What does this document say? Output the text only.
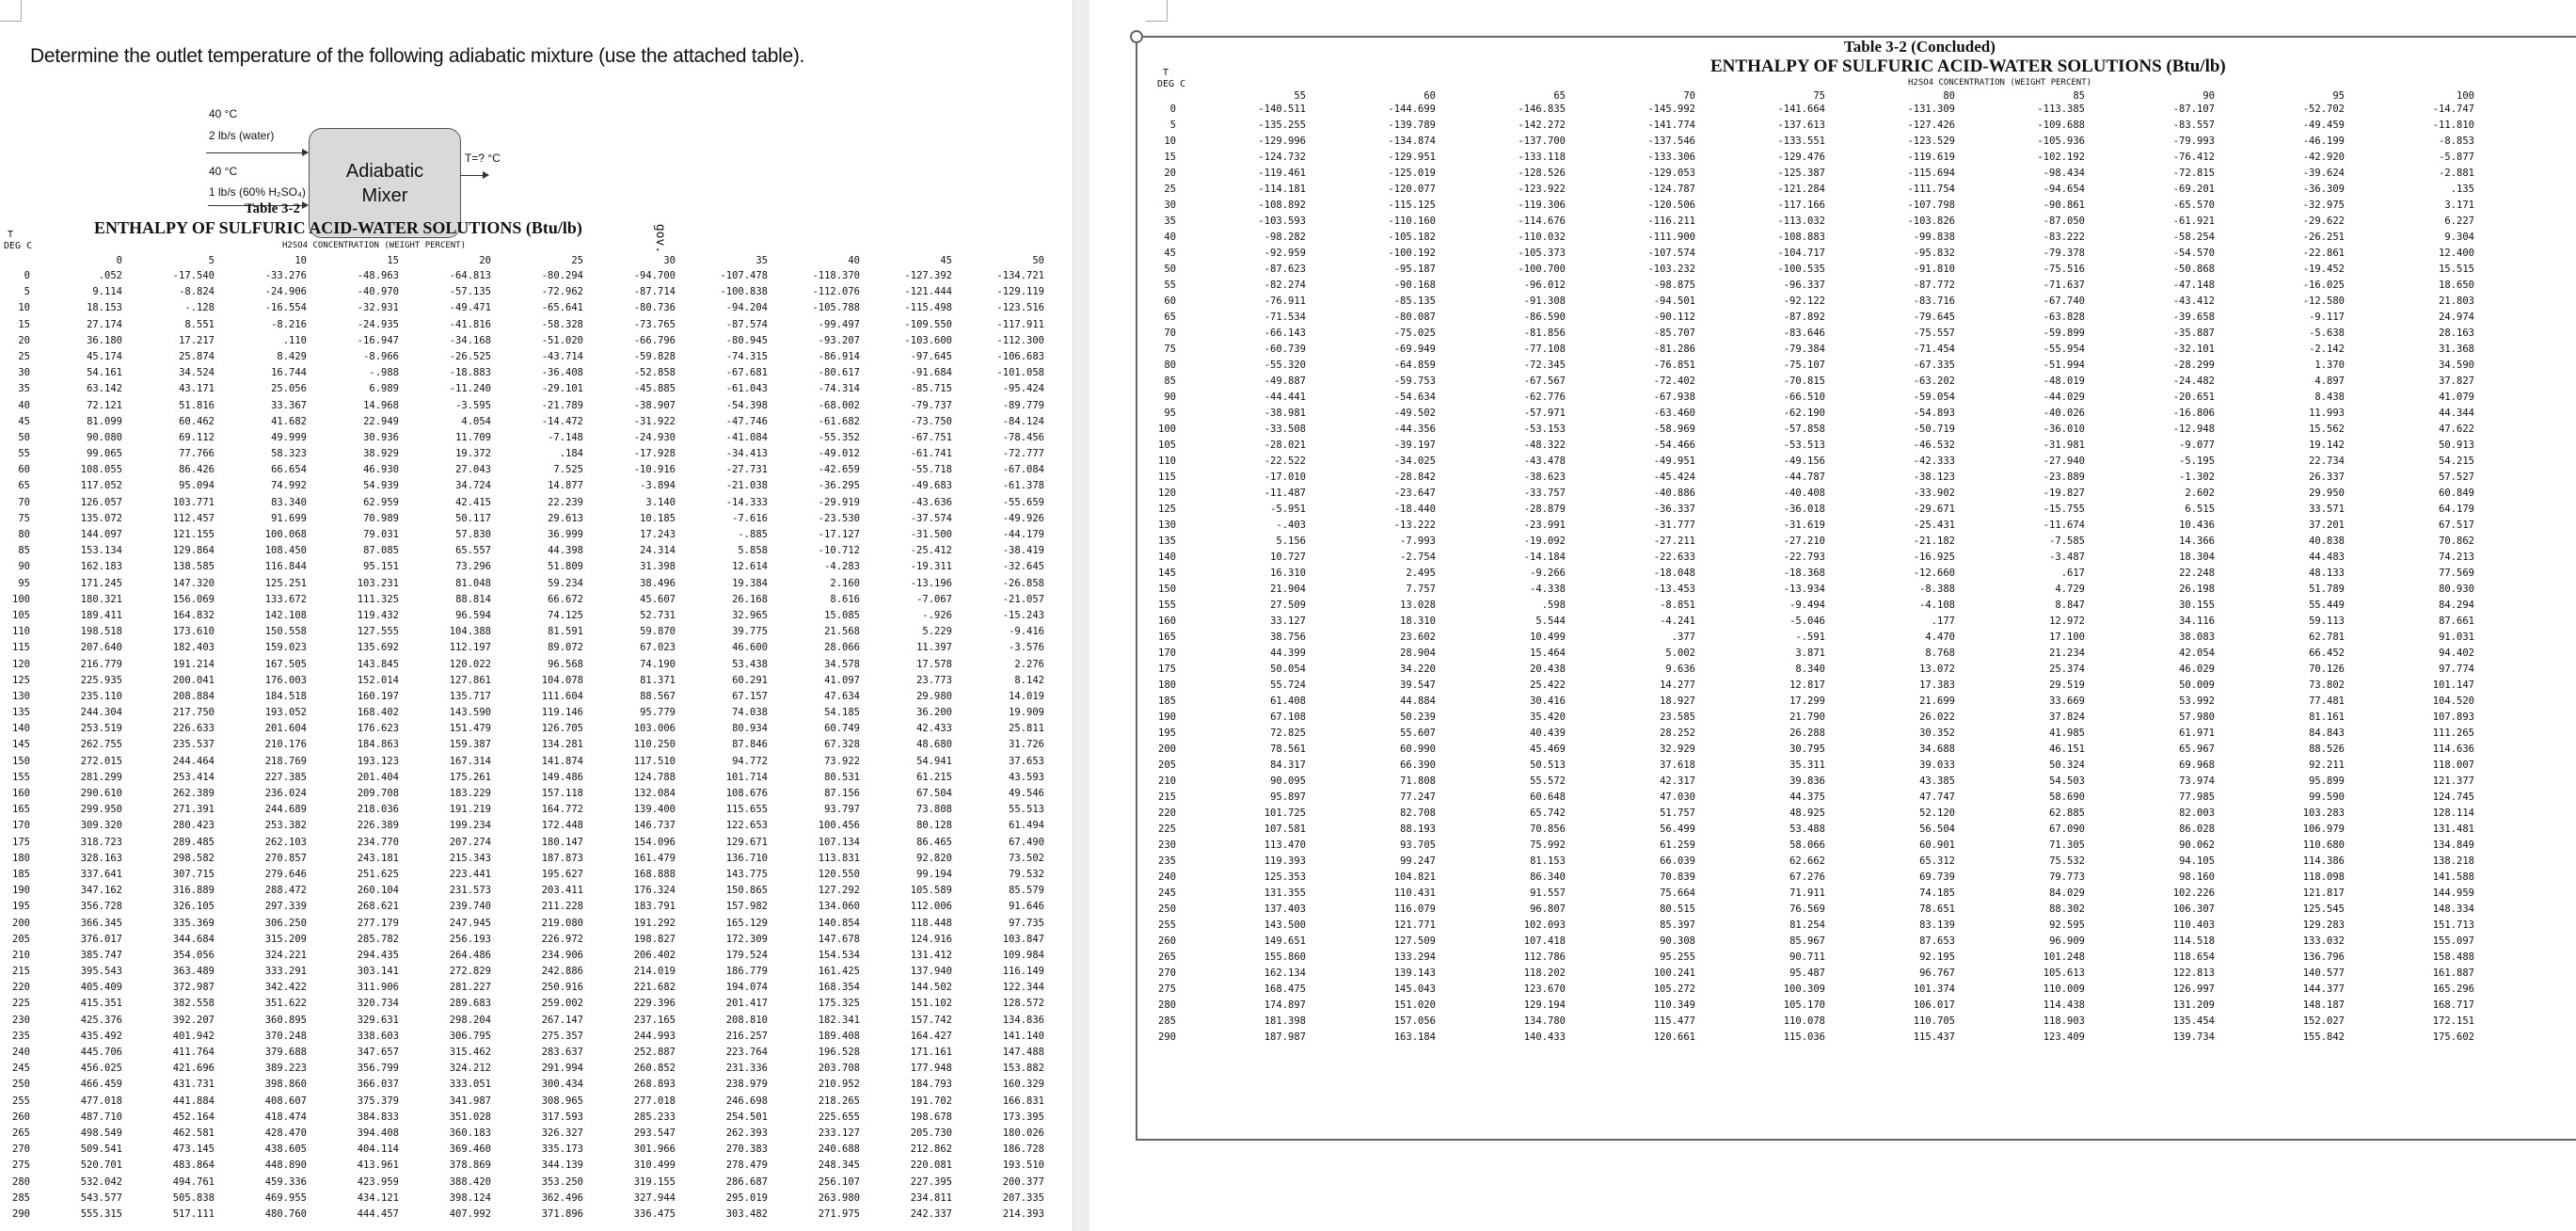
Determine the outlet temperature of the following adiabatic mixture (use the attached table).
40 °C
2 lb/s (water)
40 °C
1 lb/s (60% H₂SO₄)
Adiabatic
Mixer
T=? °C
Table 3-2
ENTHALPY OF SULFURIC ACID-WATER SOLUTIONS (Btu/lb)
H2SO4 CONCENTRATION (WEIGHT PERCENT)
T
DEG C	gov.
0	5	10	15	20	25	30	35	40	45	50
0	.052	-17.540	-33.276	-48.963	-64.813	-80.294	-94.700	-107.478	-118.370	-127.392	-134.721
5	9.114	-8.824	-24.906	-40.970	-57.135	-72.962	-87.714	-100.838	-112.076	-121.444	-129.119
10	18.153	-.128	-16.554	-32.931	-49.471	-65.641	-80.736	-94.204	-105.788	-115.498	-123.516
15	27.174	8.551	-8.216	-24.935	-41.816	-58.328	-73.765	-87.574	-99.497	-109.550	-117.911
20	36.180	17.217	.110	-16.947	-34.168	-51.020	-66.796	-80.945	-93.207	-103.600	-112.300
25	45.174	25.874	8.429	-8.966	-26.525	-43.714	-59.828	-74.315	-86.914	-97.645	-106.683
30	54.161	34.524	16.744	-.988	-18.883	-36.408	-52.858	-67.681	-80.617	-91.684	-101.058
35	63.142	43.171	25.056	6.989	-11.240	-29.101	-45.885	-61.043	-74.314	-85.715	-95.424
40	72.121	51.816	33.367	14.968	-3.595	-21.789	-38.907	-54.398	-68.002	-79.737	-89.779
45	81.099	60.462	41.682	22.949	4.054	-14.472	-31.922	-47.746	-61.682	-73.750	-84.124
50	90.080	69.112	49.999	30.936	11.709	-7.148	-24.930	-41.084	-55.352	-67.751	-78.456
55	99.065	77.766	58.323	38.929	19.372	.184	-17.928	-34.413	-49.012	-61.741	-72.777
60	108.055	86.426	66.654	46.930	27.043	7.525	-10.916	-27.731	-42.659	-55.718	-67.084
65	117.052	95.094	74.992	54.939	34.724	14.877	-3.894	-21.038	-36.295	-49.683	-61.378
70	126.057	103.771	83.340	62.959	42.415	22.239	3.140	-14.333	-29.919	-43.636	-55.659
75	135.072	112.457	91.699	70.989	50.117	29.613	10.185	-7.616	-23.530	-37.574	-49.926
80	144.097	121.155	100.068	79.031	57.830	36.999	17.243	-.885	-17.127	-31.500	-44.179
85	153.134	129.864	108.450	87.085	65.557	44.398	24.314	5.858	-10.712	-25.412	-38.419
90	162.183	138.585	116.844	95.151	73.296	51.809	31.398	12.614	-4.283	-19.311	-32.645
95	171.245	147.320	125.251	103.231	81.048	59.234	38.496	19.384	2.160	-13.196	-26.858
100	180.321	156.069	133.672	111.325	88.814	66.672	45.607	26.168	8.616	-7.067	-21.057
105	189.411	164.832	142.108	119.432	96.594	74.125	52.731	32.965	15.085	-.926	-15.243
110	198.518	173.610	150.558	127.555	104.388	81.591	59.870	39.775	21.568	5.229	-9.416
115	207.640	182.403	159.023	135.692	112.197	89.072	67.023	46.600	28.066	11.397	-3.576
120	216.779	191.214	167.505	143.845	120.022	96.568	74.190	53.438	34.578	17.578	2.276
125	225.935	200.041	176.003	152.014	127.861	104.078	81.371	60.291	41.097	23.773	8.142
130	235.110	208.884	184.518	160.197	135.717	111.604	88.567	67.157	47.634	29.980	14.019
135	244.304	217.750	193.052	168.402	143.590	119.146	95.779	74.038	54.185	36.200	19.909
140	253.519	226.633	201.604	176.623	151.479	126.705	103.006	80.934	60.749	42.433	25.811
145	262.755	235.537	210.176	184.863	159.387	134.281	110.250	87.846	67.328	48.680	31.726
150	272.015	244.464	218.769	193.123	167.314	141.874	117.510	94.772	73.922	54.941	37.653
155	281.299	253.414	227.385	201.404	175.261	149.486	124.788	101.714	80.531	61.215	43.593
160	290.610	262.389	236.024	209.708	183.229	157.118	132.084	108.676	87.156	67.504	49.546
165	299.950	271.391	244.689	218.036	191.219	164.772	139.400	115.655	93.797	73.808	55.513
170	309.320	280.423	253.382	226.389	199.234	172.448	146.737	122.653	100.456	80.128	61.494
175	318.723	289.485	262.103	234.770	207.274	180.147	154.096	129.671	107.134	86.465	67.490
180	328.163	298.582	270.857	243.181	215.343	187.873	161.479	136.710	113.831	92.820	73.502
185	337.641	307.715	279.646	251.625	223.441	195.627	168.888	143.775	120.550	99.194	79.532
190	347.162	316.889	288.472	260.104	231.573	203.411	176.324	150.865	127.292	105.589	85.579
195	356.728	326.105	297.339	268.621	239.740	211.228	183.791	157.982	134.060	112.006	91.646
200	366.345	335.369	306.250	277.179	247.945	219.080	191.292	165.129	140.854	118.448	97.735
205	376.017	344.684	315.209	285.782	256.193	226.972	198.827	172.309	147.678	124.916	103.847
210	385.747	354.056	324.221	294.435	264.486	234.906	206.402	179.524	154.534	131.412	109.984
215	395.543	363.489	333.291	303.141	272.829	242.886	214.019	186.779	161.425	137.940	116.149
220	405.409	372.987	342.422	311.906	281.227	250.916	221.682	194.074	168.354	144.502	122.344
225	415.351	382.558	351.622	320.734	289.683	259.002	229.396	201.417	175.325	151.102	128.572
230	425.376	392.207	360.895	329.631	298.204	267.147	237.165	208.810	182.341	157.742	134.836
235	435.492	401.942	370.248	338.603	306.795	275.357	244.993	216.257	189.408	164.427	141.140
240	445.706	411.764	379.688	347.657	315.462	283.637	252.887	223.764	196.528	171.161	147.488
245	456.025	421.696	389.223	356.799	324.212	291.994	260.852	231.336	203.708	177.948	153.882
250	466.459	431.731	398.860	366.037	333.051	300.434	268.893	238.979	210.952	184.793	160.329
255	477.018	441.884	408.607	375.379	341.987	308.965	277.018	246.698	218.265	191.702	166.831
260	487.710	452.164	418.474	384.833	351.028	317.593	285.233	254.501	225.655	198.678	173.395
265	498.549	462.581	428.470	394.408	360.183	326.327	293.547	262.393	233.127	205.730	180.026
270	509.541	473.145	438.605	404.114	369.460	335.173	301.966	270.383	240.688	212.862	186.728
275	520.701	483.864	448.890	413.961	378.869	344.139	310.499	278.479	248.345	220.081	193.510
280	532.042	494.761	459.336	423.959	388.420	353.250	319.155	286.687	256.107	227.395	200.377
285	543.577	505.838	469.955	434.121	398.124	362.496	327.944	295.019	263.980	234.811	207.335
290	555.315	517.111	480.760	444.457	407.992	371.896	336.475	303.482	271.975	242.337	214.393
Table 3-2 (Concluded)
ENTHALPY OF SULFURIC ACID-WATER SOLUTIONS (Btu/lb)
H2SO4 CONCENTRATION (WEIGHT PERCENT)
T
DEG C
55	60	65	70	75	80	85	90	95	100
0	-140.511	-144.699	-146.835	-145.992	-141.664	-131.309	-113.385	-87.107	-52.702	-14.747
5	-135.255	-139.789	-142.272	-141.774	-137.613	-127.426	-109.688	-83.557	-49.459	-11.810
10	-129.996	-134.874	-137.700	-137.546	-133.551	-123.529	-105.936	-79.993	-46.199	-8.853
15	-124.732	-129.951	-133.118	-133.306	-129.476	-119.619	-102.192	-76.412	-42.920	-5.877
20	-119.461	-125.019	-128.526	-129.053	-125.387	-115.694	-98.434	-72.815	-39.624	-2.881
25	-114.181	-120.077	-123.922	-124.787	-121.284	-111.754	-94.654	-69.201	-36.309	.135
30	-108.892	-115.125	-119.306	-120.506	-117.166	-107.798	-90.861	-65.570	-32.975	3.171
35	-103.593	-110.160	-114.676	-116.211	-113.032	-103.826	-87.050	-61.921	-29.622	6.227
40	-98.282	-105.182	-110.032	-111.900	-108.883	-99.838	-83.222	-58.254	-26.251	9.304
45	-92.959	-100.192	-105.373	-107.574	-104.717	-95.832	-79.378	-54.570	-22.861	12.400
50	-87.623	-95.187	-100.700	-103.232	-100.535	-91.810	-75.516	-50.868	-19.452	15.515
55	-82.274	-90.168	-96.012	-98.875	-96.337	-87.772	-71.637	-47.148	-16.025	18.650
60	-76.911	-85.135	-91.308	-94.501	-92.122	-83.716	-67.740	-43.412	-12.580	21.803
65	-71.534	-80.087	-86.590	-90.112	-87.892	-79.645	-63.828	-39.658	-9.117	24.974
70	-66.143	-75.025	-81.856	-85.707	-83.646	-75.557	-59.899	-35.887	-5.638	28.163
75	-60.739	-69.949	-77.108	-81.286	-79.384	-71.454	-55.954	-32.101	-2.142	31.368
80	-55.320	-64.859	-72.345	-76.851	-75.107	-67.335	-51.994	-28.299	1.370	34.590
85	-49.887	-59.753	-67.567	-72.402	-70.815	-63.202	-48.019	-24.482	4.897	37.827
90	-44.441	-54.634	-62.776	-67.938	-66.510	-59.054	-44.029	-20.651	8.438	41.079
95	-38.981	-49.502	-57.971	-63.460	-62.190	-54.893	-40.026	-16.806	11.993	44.344
100	-33.508	-44.356	-53.153	-58.969	-57.858	-50.719	-36.010	-12.948	15.562	47.622
105	-28.021	-39.197	-48.322	-54.466	-53.513	-46.532	-31.981	-9.077	19.142	50.913
110	-22.522	-34.025	-43.478	-49.951	-49.156	-42.333	-27.940	-5.195	22.734	54.215
115	-17.010	-28.842	-38.623	-45.424	-44.787	-38.123	-23.889	-1.302	26.337	57.527
120	-11.487	-23.647	-33.757	-40.886	-40.408	-33.902	-19.827	2.602	29.950	60.849
125	-5.951	-18.440	-28.879	-36.337	-36.018	-29.671	-15.755	6.515	33.571	64.179
130	-.403	-13.222	-23.991	-31.777	-31.619	-25.431	-11.674	10.436	37.201	67.517
135	5.156	-7.993	-19.092	-27.211	-27.210	-21.182	-7.585	14.366	40.838	70.862
140	10.727	-2.754	-14.184	-22.633	-22.793	-16.925	-3.487	18.304	44.483	74.213
145	16.310	2.495	-9.266	-18.048	-18.368	-12.660	.617	22.248	48.133	77.569
150	21.904	7.757	-4.338	-13.453	-13.934	-8.388	4.729	26.198	51.789	80.930
155	27.509	13.028	.598	-8.851	-9.494	-4.108	8.847	30.155	55.449	84.294
160	33.127	18.310	5.544	-4.241	-5.046	.177	12.972	34.116	59.113	87.661
165	38.756	23.602	10.499	.377	-.591	4.470	17.100	38.083	62.781	91.031
170	44.399	28.904	15.464	5.002	3.871	8.768	21.234	42.054	66.452	94.402
175	50.054	34.220	20.438	9.636	8.340	13.072	25.374	46.029	70.126	97.774
180	55.724	39.547	25.422	14.277	12.817	17.383	29.519	50.009	73.802	101.147
185	61.408	44.884	30.416	18.927	17.299	21.699	33.669	53.992	77.481	104.520
190	67.108	50.239	35.420	23.585	21.790	26.022	37.824	57.980	81.161	107.893
195	72.825	55.607	40.439	28.252	26.288	30.352	41.985	61.971	84.843	111.265
200	78.561	60.990	45.469	32.929	30.795	34.688	46.151	65.967	88.526	114.636
205	84.317	66.390	50.513	37.618	35.311	39.033	50.324	69.968	92.211	118.007
210	90.095	71.808	55.572	42.317	39.836	43.385	54.503	73.974	95.899	121.377
215	95.897	77.247	60.648	47.030	44.375	47.747	58.690	77.985	99.590	124.745
220	101.725	82.708	65.742	51.757	48.925	52.120	62.885	82.003	103.283	128.114
225	107.581	88.193	70.856	56.499	53.488	56.504	67.090	86.028	106.979	131.481
230	113.470	93.705	75.992	61.259	58.066	60.901	71.305	90.062	110.680	134.849
235	119.393	99.247	81.153	66.039	62.662	65.312	75.532	94.105	114.386	138.218
240	125.353	104.821	86.340	70.839	67.276	69.739	79.773	98.160	118.098	141.588
245	131.355	110.431	91.557	75.664	71.911	74.185	84.029	102.226	121.817	144.959
250	137.403	116.079	96.807	80.515	76.569	78.651	88.302	106.307	125.545	148.334
255	143.500	121.771	102.093	85.397	81.254	83.139	92.595	110.403	129.283	151.713
260	149.651	127.509	107.418	90.308	85.967	87.653	96.909	114.518	133.032	155.097
265	155.860	133.294	112.786	95.255	90.711	92.195	101.248	118.654	136.796	158.488
270	162.134	139.143	118.202	100.241	95.487	96.767	105.613	122.813	140.577	161.887
275	168.475	145.043	123.670	105.272	100.309	101.374	110.009	126.997	144.377	165.296
280	174.897	151.020	129.194	110.349	105.170	106.017	114.438	131.209	148.187	168.717
285	181.398	157.056	134.780	115.477	110.078	110.705	118.903	135.454	152.027	172.151
290	187.987	163.184	140.433	120.661	115.036	115.437	123.409	139.734	155.842	175.602
